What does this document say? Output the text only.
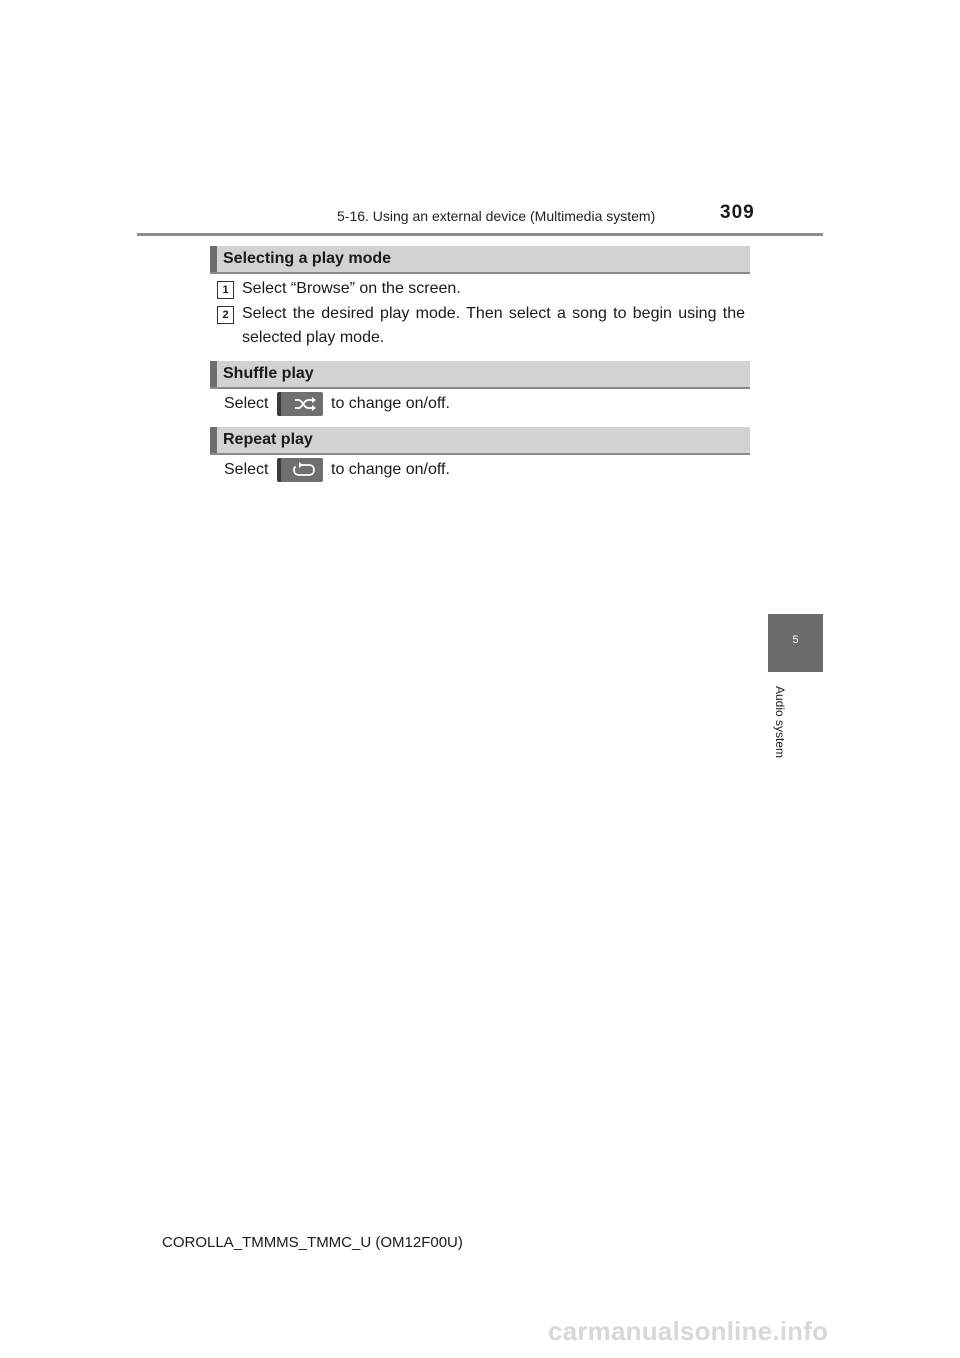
5-16. Using an external device (Multimedia system)	309
Selecting a play mode
1 Select “Browse” on the screen.
2 Select the desired play mode. Then select a song to begin using the selected play mode.
Shuffle play
Select	to change on/off.
Repeat play
Select	to change on/off.
5
Audio system
COROLLA_TMMMS_TMMC_U (OM12F00U)
carmanualsonline.info
